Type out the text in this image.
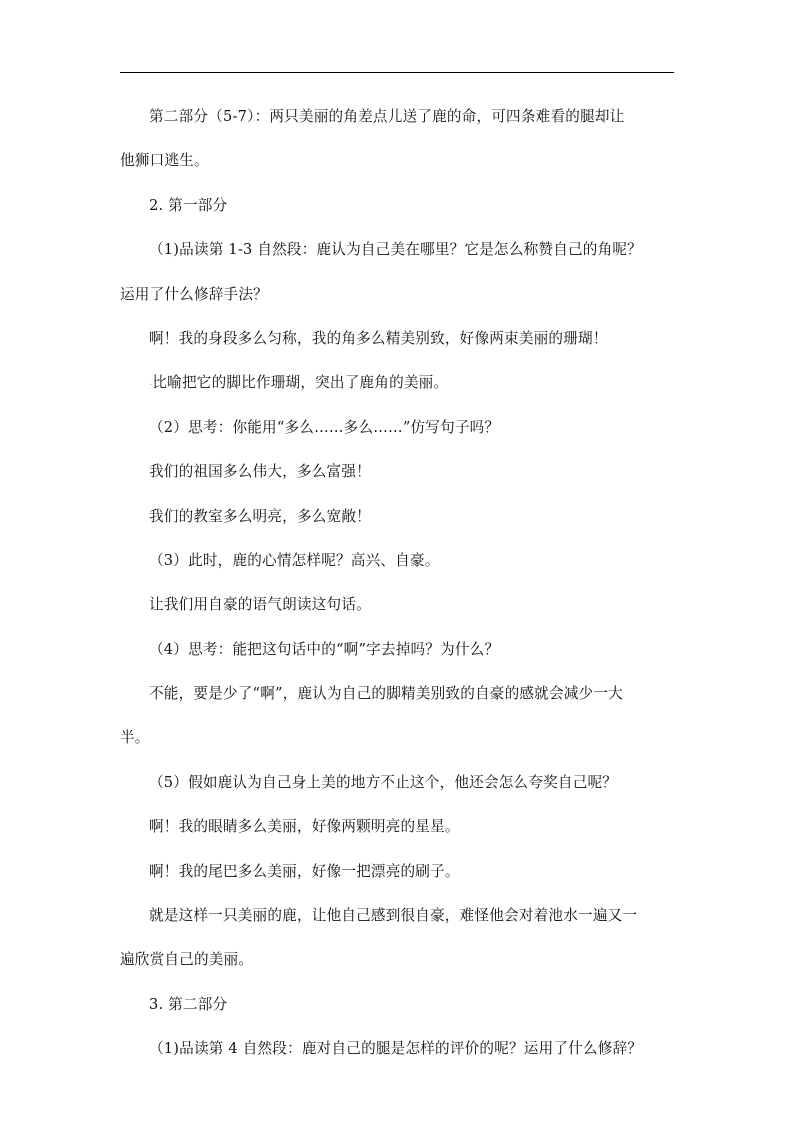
第二部分（5-7）：两只美丽的角差点儿送了鹿的命，可四条难看的腿却让
他狮口逃生。
2. 第一部分
（1)品读第 1-3 自然段：鹿认为自己美在哪里？它是怎么称赞自己的角呢？
运用了什么修辞手法？
啊！我的身段多么匀称，我的角多么精美别致，好像两束美丽的珊瑚！
.比喻把它的脚比作珊瑚，突出了鹿角的美丽。
（2）思考：你能用“多么……多么……”仿写句子吗？
我们的祖国多么伟大，多么富强！
我们的教室多么明亮，多么宽敞！
（3）此时，鹿的心情怎样呢？高兴、自豪。
让我们用自豪的语气朗读这句话。
（4）思考：能把这句话中的“啊”字去掉吗？为什么？
不能，要是少了“啊”，鹿认为自己的脚精美别致的自豪的感就会减少一大
半。
（5）假如鹿认为自己身上美的地方不止这个，他还会怎么夸奖自己呢？
啊！我的眼睛多么美丽，好像两颗明亮的星星。
啊！我的尾巴多么美丽，好像一把漂亮的刷子。
就是这样一只美丽的鹿，让他自己感到很自豪，难怪他会对着池水一遍又一
遍欣赏自己的美丽。
3. 第二部分
（1)品读第 4 自然段：鹿对自己的腿是怎样的评价的呢？运用了什么修辞？
